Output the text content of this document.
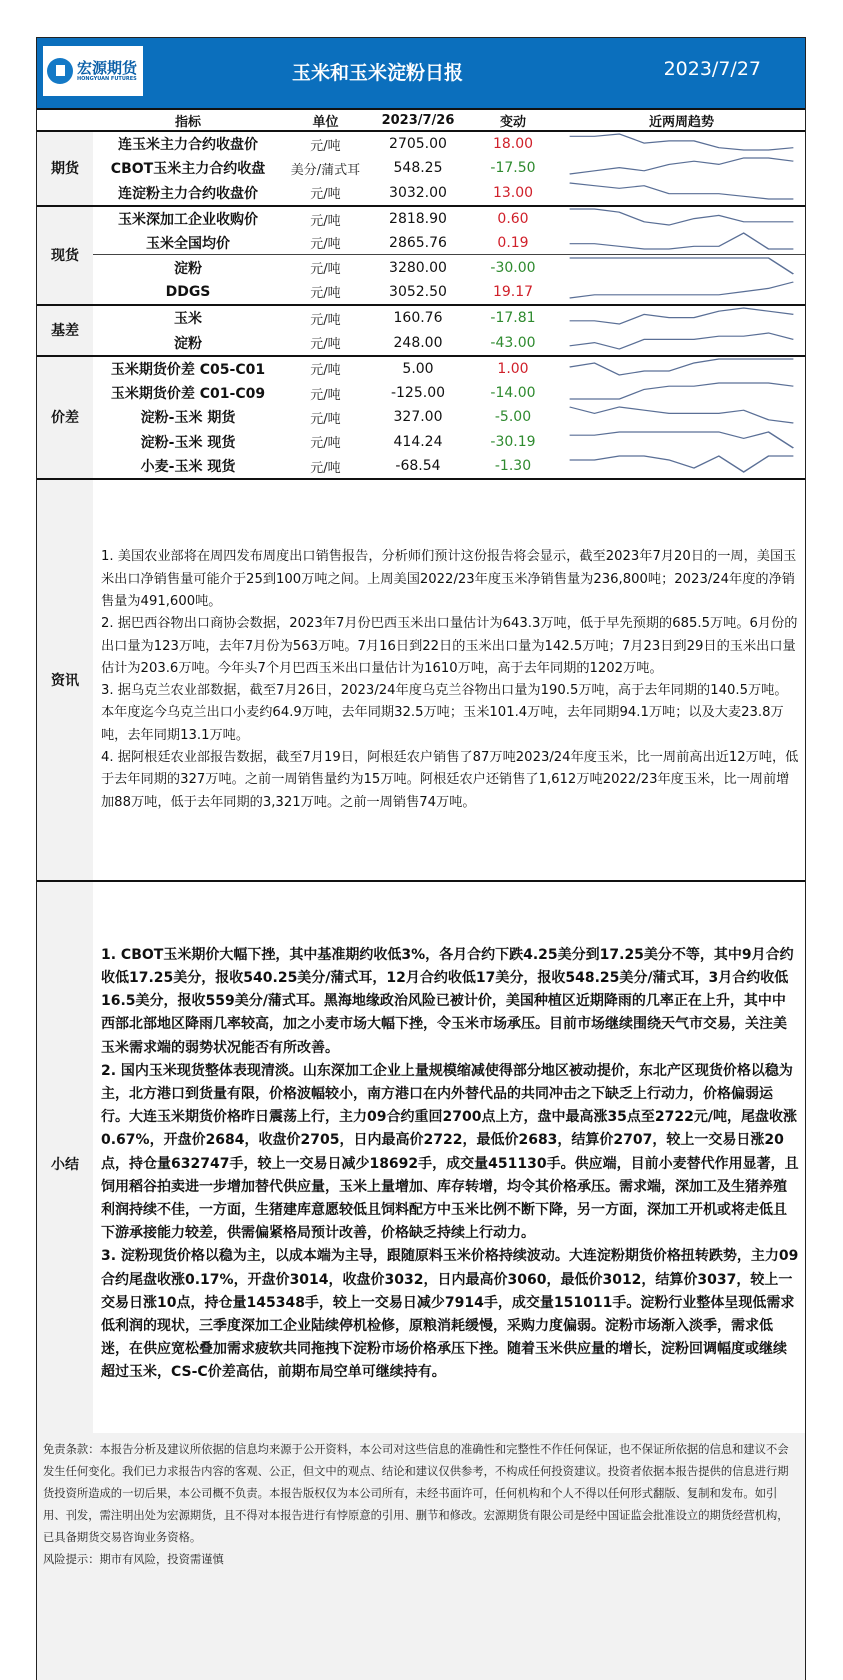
宏源期货
HONGYUAN FUTURES	玉米和玉米淀粉日报	2023/7/27
指标	单位	2023/7/26	变动	近两周趋势
期货
连玉米主力合约收盘价	元/吨	2705.00	18.00
CBOT玉米主力合约收盘	美分/蒲式耳	548.25	-17.50
连淀粉主力合约收盘价	元/吨	3032.00	13.00
现货
玉米深加工企业收购价	元/吨	2818.90	0.60
玉米全国均价	元/吨	2865.76	0.19
淀粉	元/吨	3280.00	-30.00
DDGS	元/吨	3052.50	19.17
基差
玉米	元/吨	160.76	-17.81
淀粉	元/吨	248.00	-43.00
价差
玉米期货价差 C05-C01	元/吨	5.00	1.00
玉米期货价差 C01-C09	元/吨	-125.00	-14.00
淀粉-玉米 期货	元/吨	327.00	-5.00
淀粉-玉米 现货	元/吨	414.24	-30.19
小麦-玉米 现货	元/吨	-68.54	-1.30
资讯
1. 美国农业部将在周四发布周度出口销售报告，分析师们预计这份报告将会显示，截至2023年7月20日的一周，美国玉米出口净销售量可能介于25到100万吨之间。上周美国2022/23年度玉米净销售量为236,800吨；2023/24年度的净销售量为491,600吨。
2. 据巴西谷物出口商协会数据，2023年7月份巴西玉米出口量估计为643.3万吨，低于早先预期的685.5万吨。6月份的出口量为123万吨，去年7月份为563万吨。7月16日到22日的玉米出口量为142.5万吨；7月23日到29日的玉米出口量估计为203.6万吨。今年头7个月巴西玉米出口量估计为1610万吨，高于去年同期的1202万吨。
3. 据乌克兰农业部数据，截至7月26日，2023/24年度乌克兰谷物出口量为190.5万吨，高于去年同期的140.5万吨。本年度迄今乌克兰出口小麦约64.9万吨，去年同期32.5万吨；玉米101.4万吨，去年同期94.1万吨；以及大麦23.8万吨，去年同期13.1万吨。
4. 据阿根廷农业部报告数据，截至7月19日，阿根廷农户销售了87万吨2023/24年度玉米，比一周前高出近12万吨，低于去年同期的327万吨。之前一周销售量约为15万吨。阿根廷农户还销售了1,612万吨2022/23年度玉米，比一周前增加88万吨，低于去年同期的3,321万吨。之前一周销售74万吨。
小结
1. CBOT玉米期价大幅下挫，其中基准期约收低3%，各月合约下跌4.25美分到17.25美分不等，其中9月合约收低17.25美分，报收540.25美分/蒲式耳，12月合约收低17美分，报收548.25美分/蒲式耳，3月合约收低16.5美分，报收559美分/蒲式耳。黑海地缘政治风险已被计价，美国种植区近期降雨的几率正在上升，其中中西部北部地区降雨几率较高，加之小麦市场大幅下挫，令玉米市场承压。目前市场继续围绕天气市交易，关注美玉米需求端的弱势状况能否有所改善。
2. 国内玉米现货整体表现清淡。山东深加工企业上量规模缩减使得部分地区被动提价，东北产区现货价格以稳为主，北方港口到货量有限，价格波幅较小，南方港口在内外替代品的共同冲击之下缺乏上行动力，价格偏弱运行。大连玉米期货价格昨日震荡上行，主力09合约重回2700点上方，盘中最高涨35点至2722元/吨，尾盘收涨0.67%，开盘价2684，收盘价2705，日内最高价2722，最低价2683，结算价2707，较上一交易日涨20点，持仓量632747手，较上一交易日减少18692手，成交量451130手。供应端，目前小麦替代作用显著，且饲用稻谷拍卖进一步增加替代供应量，玉米上量增加、库存转增，均令其价格承压。需求端，深加工及生猪养殖利润持续不佳，一方面，生猪建库意愿较低且饲料配方中玉米比例不断下降，另一方面，深加工开机或将走低且下游承接能力较差，供需偏紧格局预计改善，价格缺乏持续上行动力。
3. 淀粉现货价格以稳为主，以成本端为主导，跟随原料玉米价格持续波动。大连淀粉期货价格扭转跌势，主力09合约尾盘收涨0.17%，开盘价3014，收盘价3032，日内最高价3060，最低价3012，结算价3037，较上一交易日涨10点，持仓量145348手，较上一交易日减少7914手，成交量151011手。淀粉行业整体呈现低需求低利润的现状，三季度深加工企业陆续停机检修，原粮消耗缓慢，采购力度偏弱。淀粉市场渐入淡季，需求低迷，在供应宽松叠加需求疲软共同拖拽下淀粉市场价格承压下挫。随着玉米供应量的增长，淀粉回调幅度或继续超过玉米，CS-C价差高估，前期布局空单可继续持有。
免责条款：本报告分析及建议所依据的信息均来源于公开资料，本公司对这些信息的准确性和完整性不作任何保证，也不保证所依据的信息和建议不会发生任何变化。我们已力求报告内容的客观、公正，但文中的观点、结论和建议仅供参考，不构成任何投资建议。投资者依据本报告提供的信息进行期货投资所造成的一切后果，本公司概不负责。本报告版权仅为本公司所有，未经书面许可，任何机构和个人不得以任何形式翻版、复制和发布。如引用、刊发，需注明出处为宏源期货，且不得对本报告进行有悖原意的引用、删节和修改。宏源期货有限公司是经中国证监会批准设立的期货经营机构，已具备期货交易咨询业务资格。
风险提示：期市有风险，投资需谨慎
